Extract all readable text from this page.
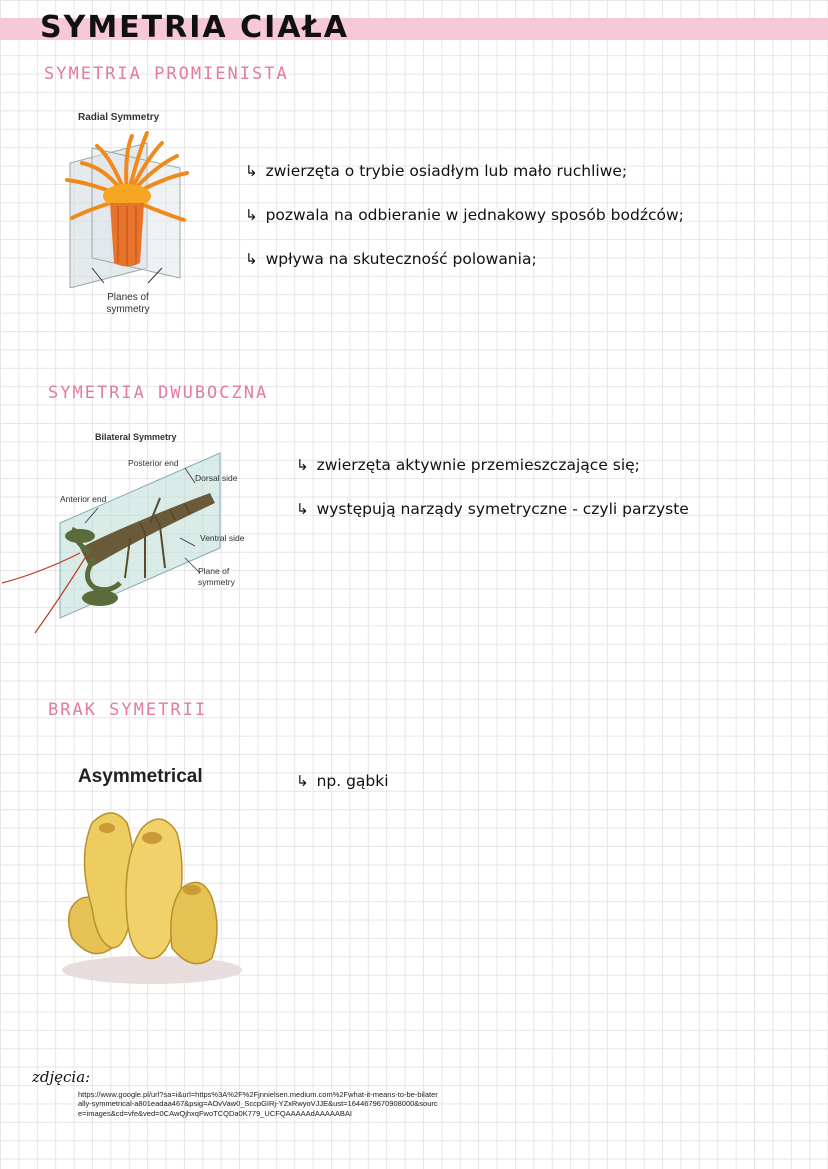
SYMETRIA CIAŁA
SYMETRIA PROMIENISTA
Radial Symmetry
Planes of symmetry
↳ zwierzęta o trybie osiadłym lub mało ruchliwe;
↳ pozwala na odbieranie w jednakowy sposób bodźców;
↳ wpływa na skuteczność polowania;
SYMETRIA DWUBOCZNA
Bilateral Symmetry
Posterior end
Dorsal side
Anterior end
Ventral side
Plane of symmetry
↳ zwierzęta aktywnie przemieszczające się;
↳ występują narządy symetryczne - czyli parzyste
BRAK SYMETRII
Asymmetrical	↳ np. gąbki
zdjęcia:
https://www.google.pl/url?sa=i&url=https%3A%2F%2Fjnnielsen.medium.com%2Fwhat-it-means-to-be-bilaterally-symmetrical-a801eadaa467&psig=AOvVaw0_SccpGIRj-YZxRwyoVJJE&ust=1644679670908000&source=images&cd=vfe&ved=0CAwQjhxqFwoTCQDa0K779_UCFQAAAAAdAAAAABAI
